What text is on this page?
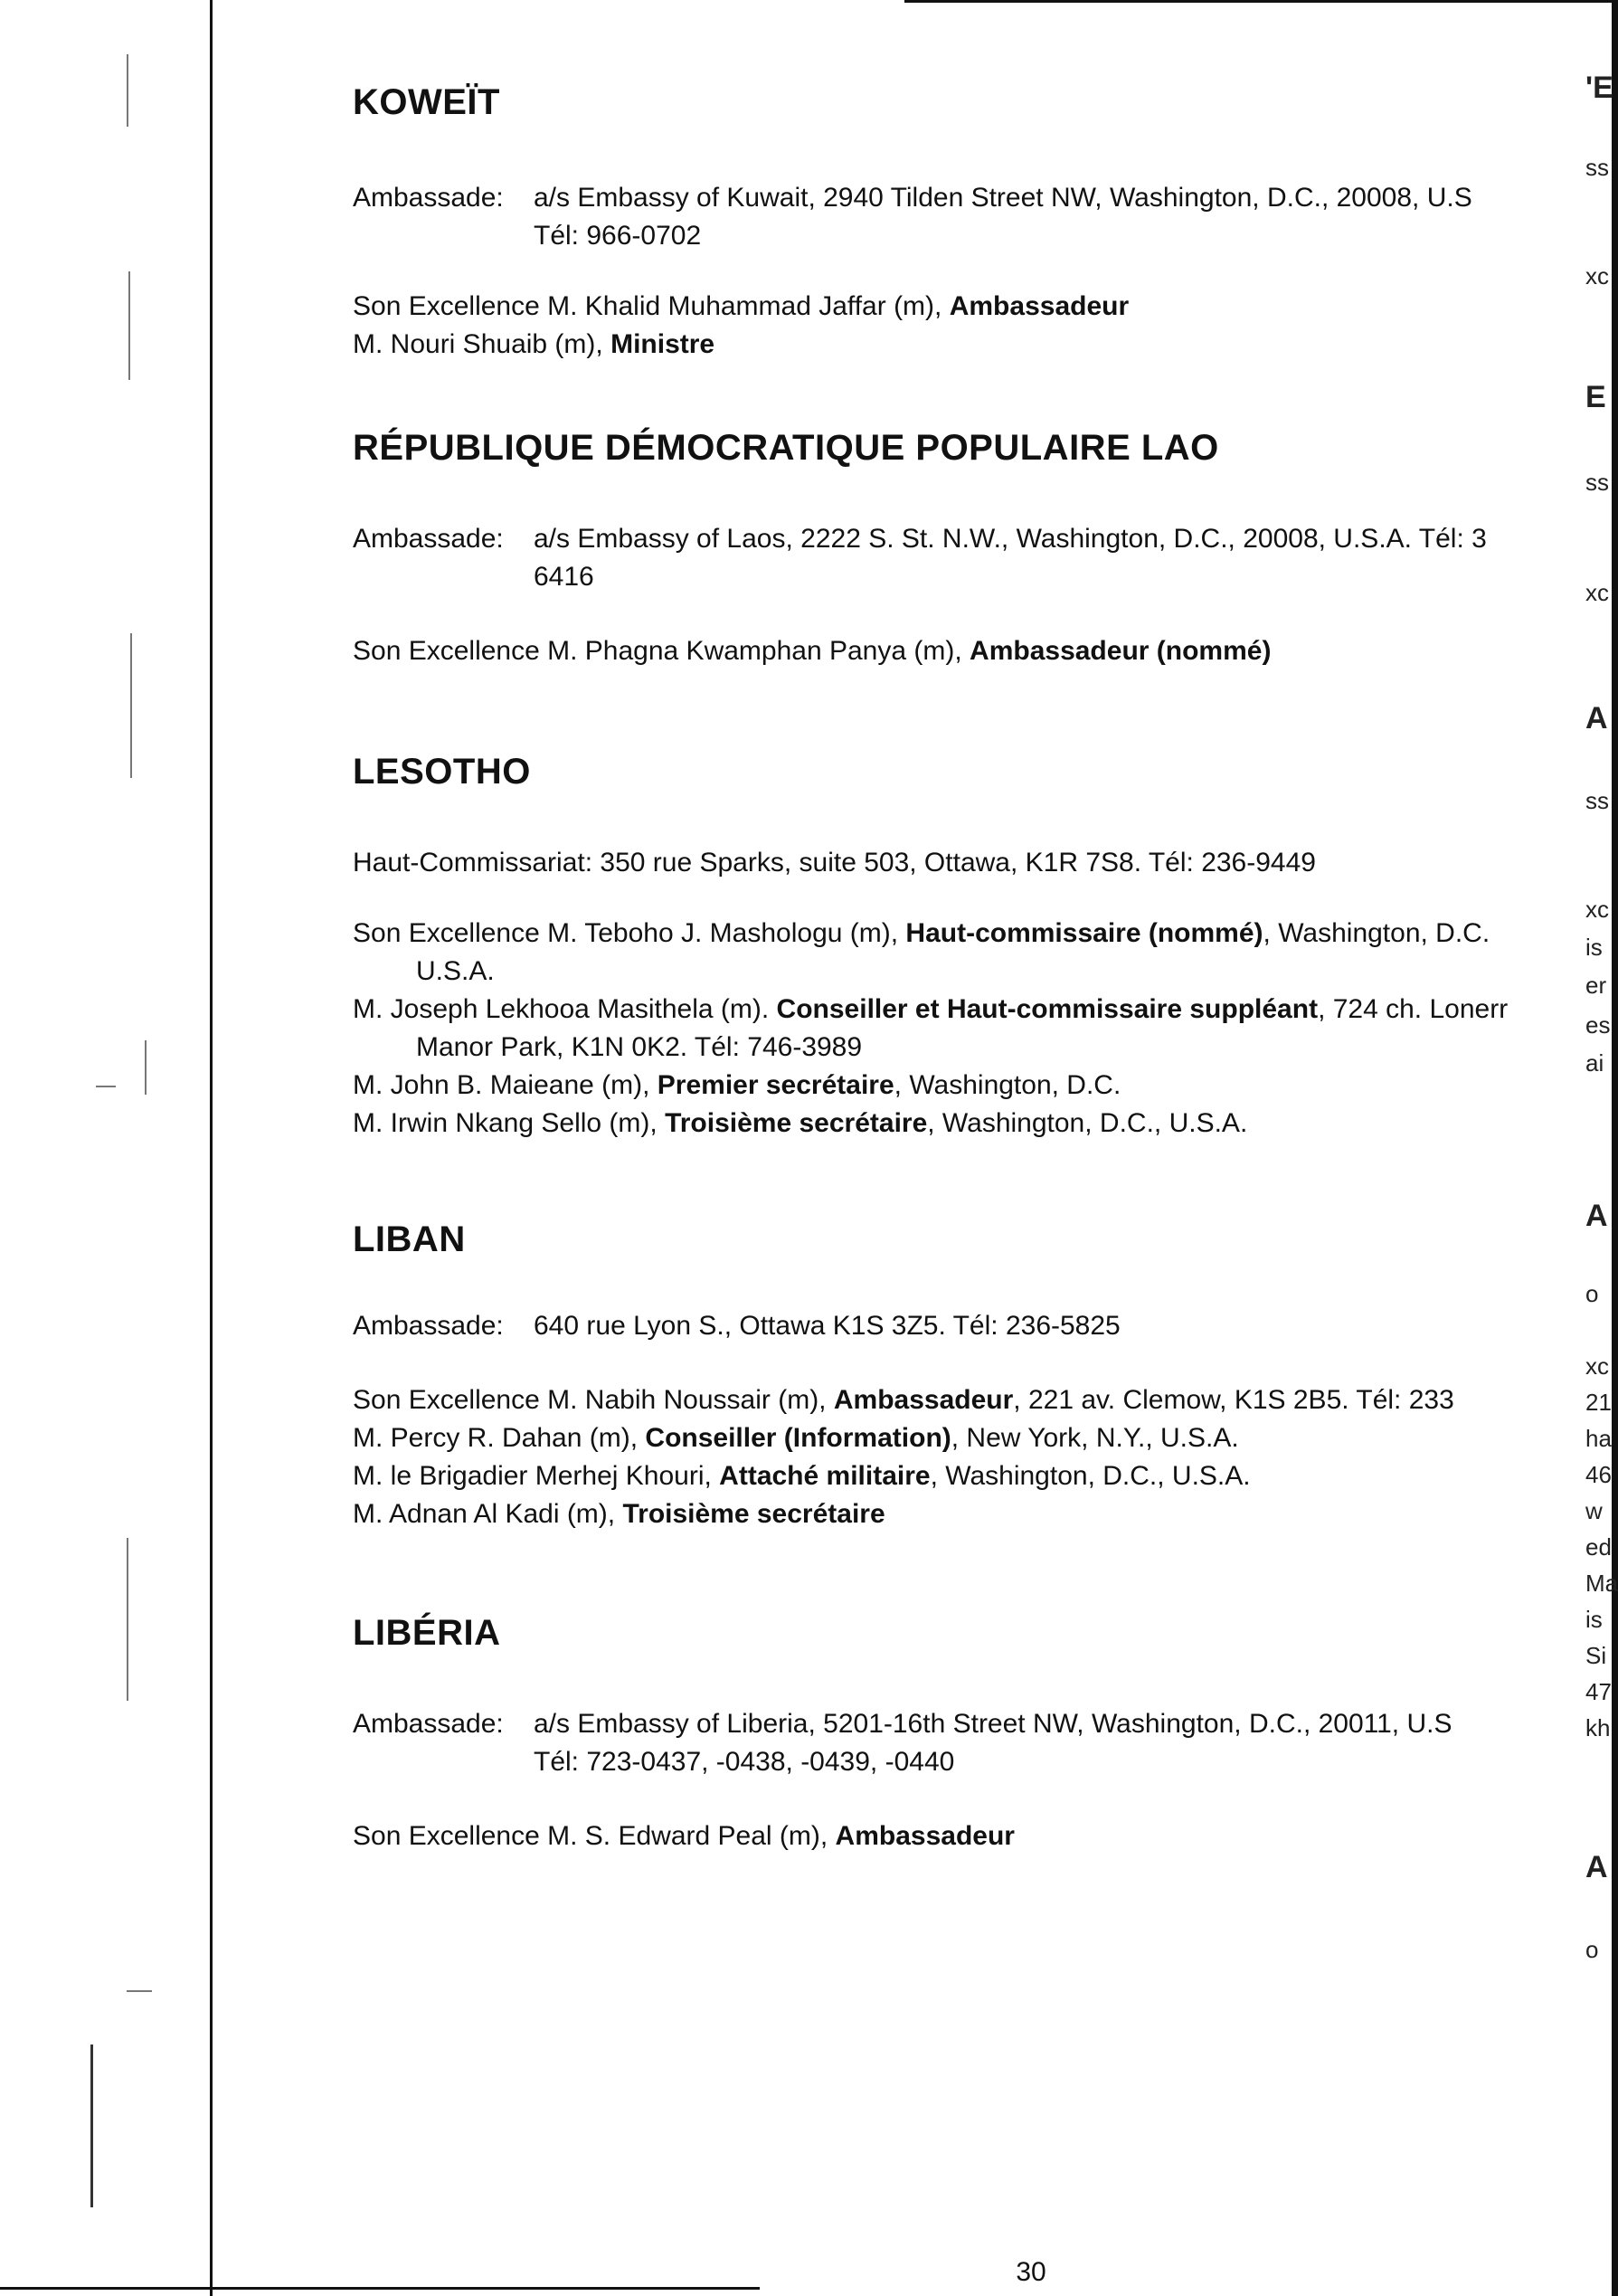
'E
ss
xc
E
ss
xc
A
ss
xc
is
er
es
ai
A
o
xc
21
ha
46
w
ed
Ma
is
Si
47
kh
A
o
KOWEÏT
Ambassade:	a/s Embassy of Kuwait, 2940 Tilden Street NW, Washington, D.C., 20008, U.S
Tél: 966-0702
Son Excellence M. Khalid Muhammad Jaffar (m), Ambassadeur
M. Nouri Shuaib (m), Ministre
RÉPUBLIQUE DÉMOCRATIQUE POPULAIRE LAO
Ambassade:	a/s Embassy of Laos, 2222 S. St. N.W., Washington, D.C., 20008, U.S.A. Tél: 3
6416
Son Excellence M. Phagna Kwamphan Panya (m), Ambassadeur (nommé)
LESOTHO
Haut-Commissariat: 350 rue Sparks, suite 503, Ottawa, K1R 7S8. Tél: 236-9449
Son Excellence M. Teboho J. Mashologu (m), Haut-commissaire (nommé), Washington, D.C.
U.S.A.
M. Joseph Lekhooa Masithela (m). Conseiller et Haut-commissaire suppléant, 724 ch. Lonerr
Manor Park, K1N 0K2. Tél: 746-3989
M. John B. Maieane (m), Premier secrétaire, Washington, D.C.
M. Irwin Nkang Sello (m), Troisième secrétaire, Washington, D.C., U.S.A.
LIBAN
Ambassade:	640 rue Lyon S., Ottawa K1S 3Z5. Tél: 236-5825
Son Excellence M. Nabih Noussair (m), Ambassadeur, 221 av. Clemow, K1S 2B5. Tél: 233
M. Percy R. Dahan (m), Conseiller (Information), New York, N.Y., U.S.A.
M. le Brigadier Merhej Khouri, Attaché militaire, Washington, D.C., U.S.A.
M. Adnan Al Kadi (m), Troisième secrétaire
LIBÉRIA
Ambassade:	a/s Embassy of Liberia, 5201-16th Street NW, Washington, D.C., 20011, U.S
Tél: 723-0437, -0438, -0439, -0440
Son Excellence M. S. Edward Peal (m), Ambassadeur
30
